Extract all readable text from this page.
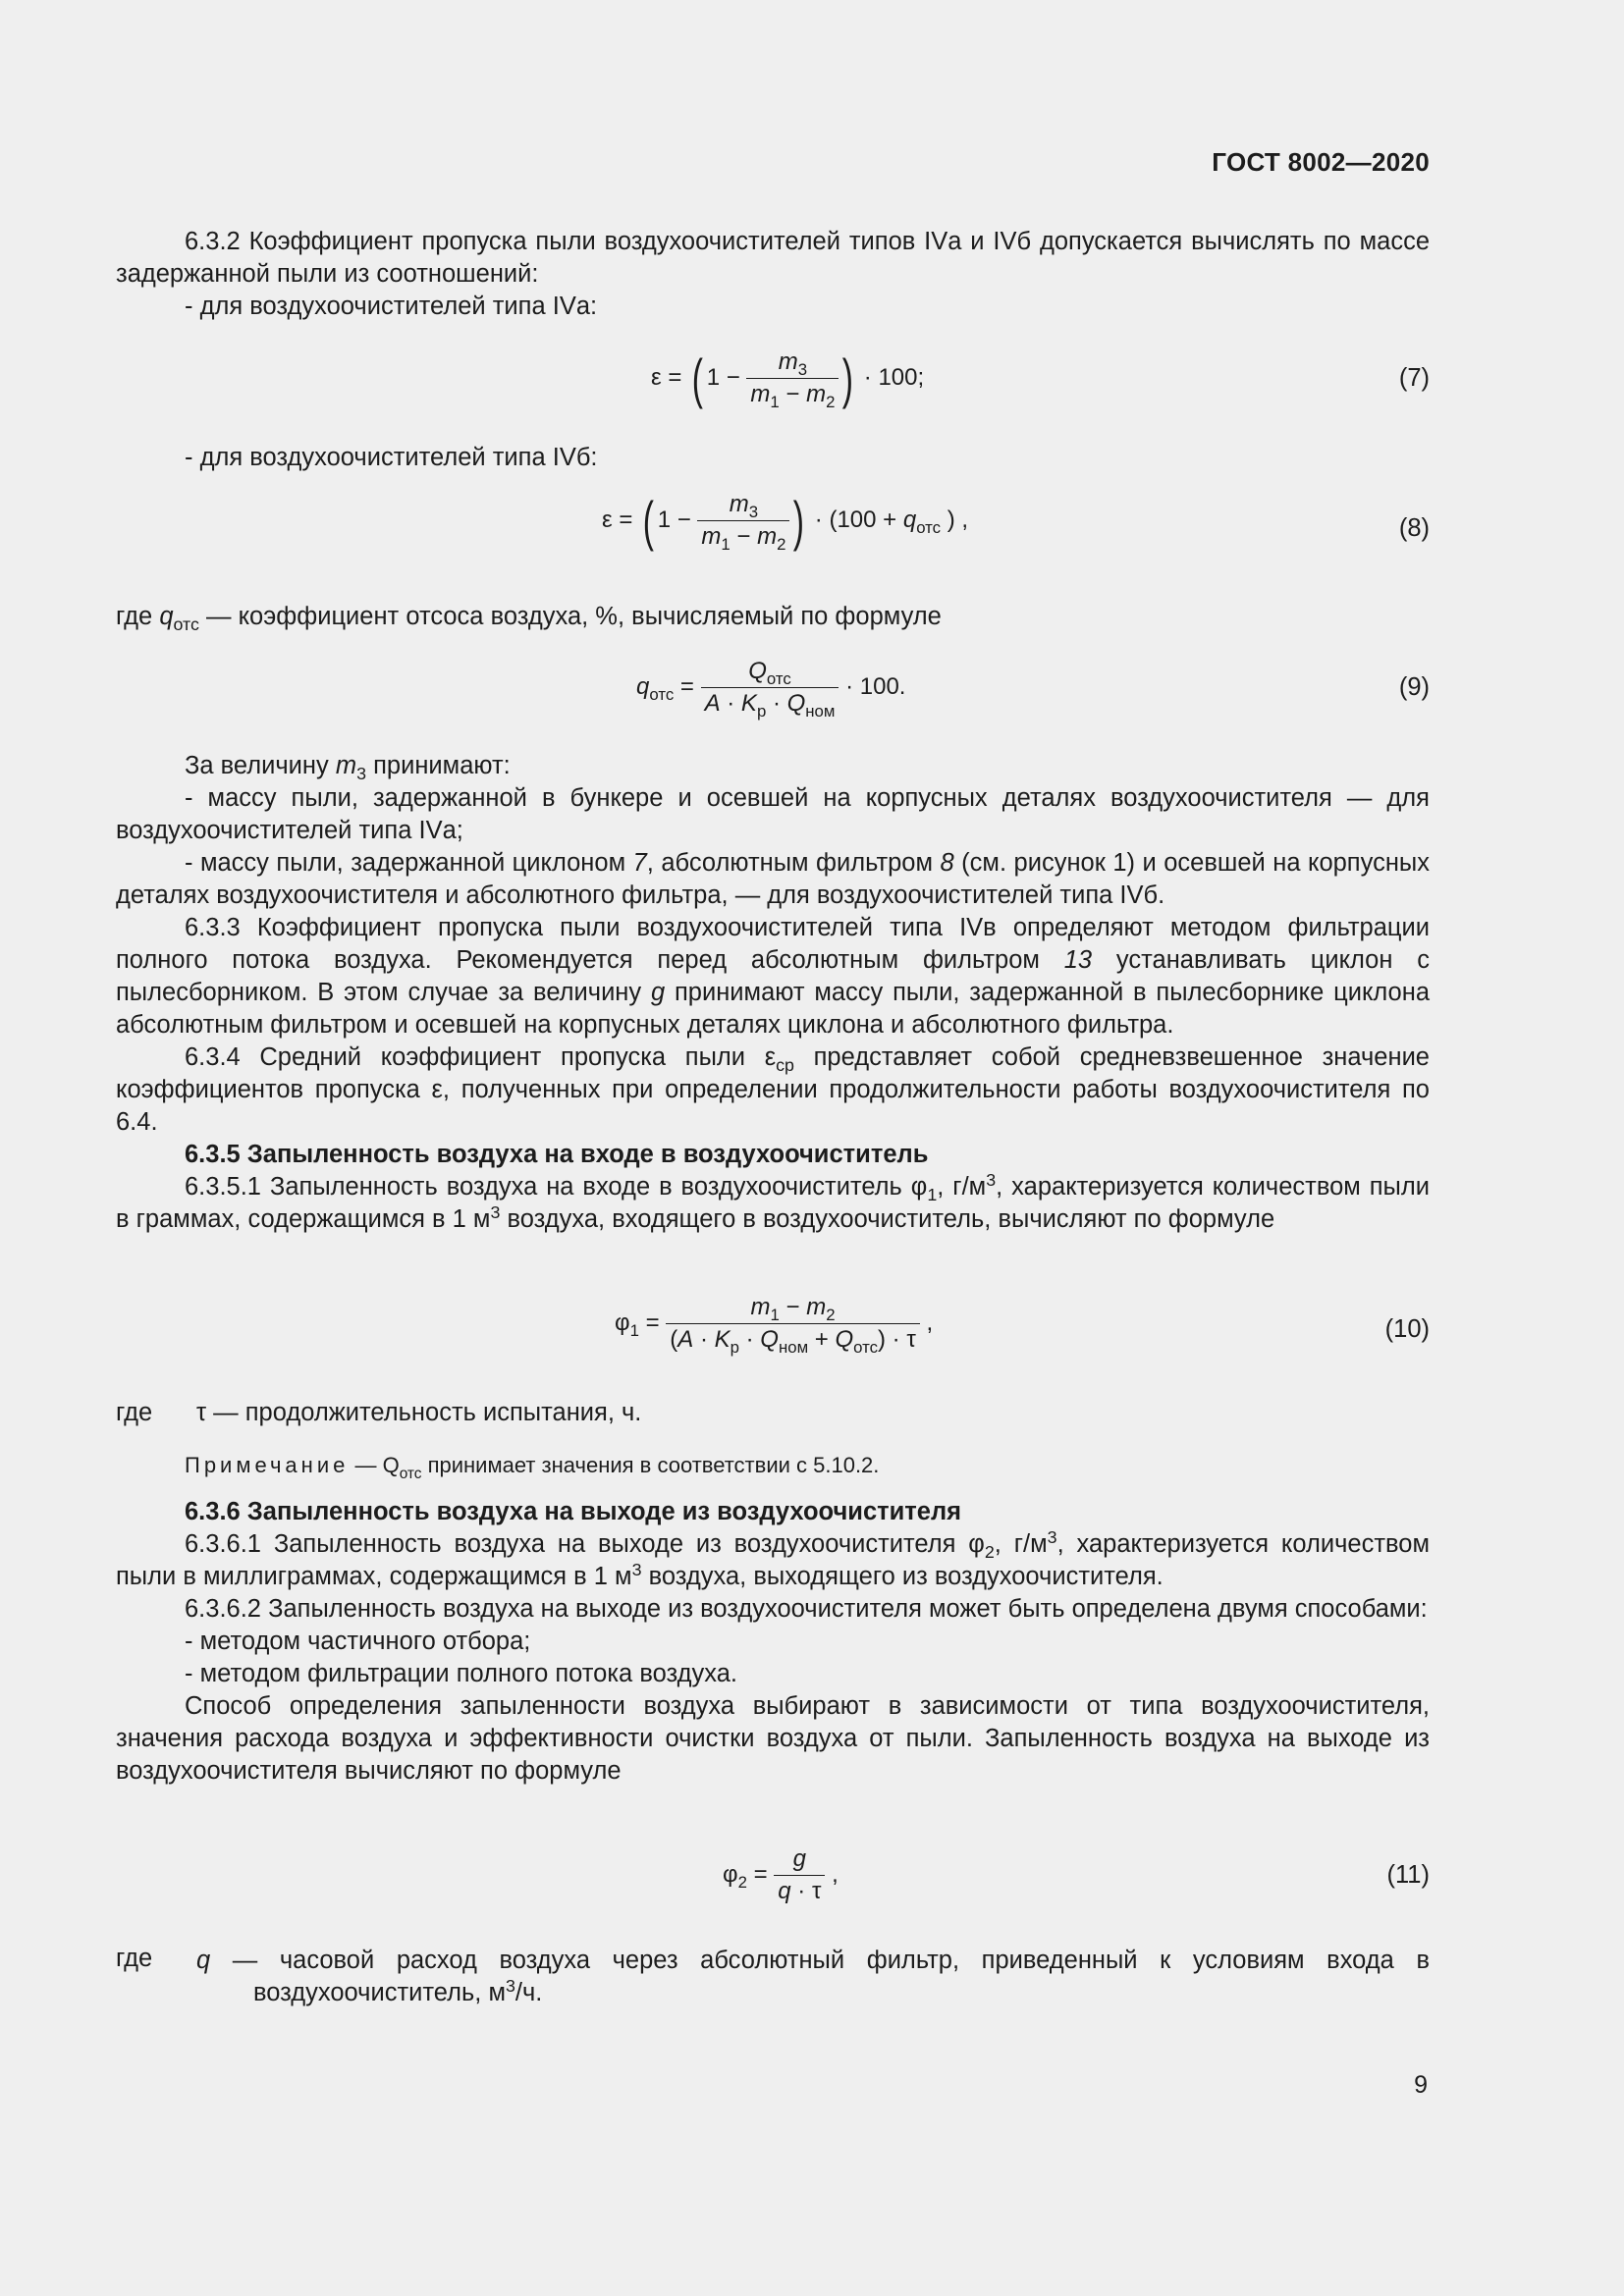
ГОСТ 8002—2020

6.3.2 Коэффициент пропуска пыли воздухоочистителей типов IVа и IVб допускается вычислять по массе задержанной пыли из соотношений:

- для воздухоочистителей типа IVа:

ε = ( $1 - \frac{m_3}{m_1 - m_2}$ ) · 100;	(7)

- для воздухоочистителей типа IVб:

ε = ( $1 - \frac{m_3}{m_1 - m_2}$ ) · ($100 + q_{отс}$ ) ,	(8)

где $q_{отс}$ — коэффициент отсоса воздуха, %, вычисляемый по формуле

$q_{отс} = \frac{Q_{отс}}{A \cdot K_р \cdot Q_{ном}} \cdot 100$.	(9)

За величину $m_3$ принимают:

- массу пыли, задержанной в бункере и осевшей на корпусных деталях воздухоочистителя — для воздухоочистителей типа IVа;

- массу пыли, задержанной циклоном 7, абсолютным фильтром 8 (см. рисунок 1) и осевшей на корпусных деталях воздухоочистителя и абсолютного фильтра, — для воздухоочистителей типа IVб.

6.3.3 Коэффициент пропуска пыли воздухоочистителей типа IVв определяют методом фильтрации полного потока воздуха. Рекомендуется перед абсолютным фильтром 13 устанавливать циклон с пылесборником. В этом случае за величину g принимают массу пыли, задержанной в пылесборнике циклона абсолютным фильтром и осевшей на корпусных деталях циклона и абсолютного фильтра.

6.3.4 Средний коэффициент пропуска пыли $\varepsilon_{ср}$ представляет собой средневзвешенное значение коэффициентов пропуска ε, полученных при определении продолжительности работы воздухоочистителя по 6.4.

6.3.5 Запыленность воздуха на входе в воздухоочиститель

6.3.5.1 Запыленность воздуха на входе в воздухоочиститель $\varphi_1$, $г/м^3$, характеризуется количеством пыли в граммах, содержащимся в 1 $м^3$ воздуха, входящего в воздухоочиститель, вычисляют по формуле

$\varphi_1 = \frac{m_1 - m_2}{(A \cdot K_р \cdot Q_{ном} + Q_{отс}) \cdot \tau}$ ,	(10)
где τ — продолжительность испытания, ч.
Примечание — $Q_{отс}$ принимает значения в соответствии с 5.10.2.

6.3.6 Запыленность воздуха на выходе из воздухоочистителя

6.3.6.1 Запыленность воздуха на выходе из воздухоочистителя $\varphi_2$, $г/м^3$, характеризуется количеством пыли в миллиграммах, содержащимся в 1 $м^3$ воздуха, выходящего из воздухоочистителя.

6.3.6.2 Запыленность воздуха на выходе из воздухоочистителя может быть определена двумя способами:

- методом частичного отбора;

- методом фильтрации полного потока воздуха.

Способ определения запыленности воздуха выбирают в зависимости от типа воздухоочистителя, значения расхода воздуха и эффективности очистки воздуха от пыли. Запыленность воздуха на выходе из воздухоочистителя вычисляют по формуле

$\varphi_2 = \frac{g}{q \cdot \tau}$ ,	(11)
где q — часовой расход воздуха через абсолютный фильтр, приведенный к условиям входа в воздухоочиститель, $м^3/ч$.
9
